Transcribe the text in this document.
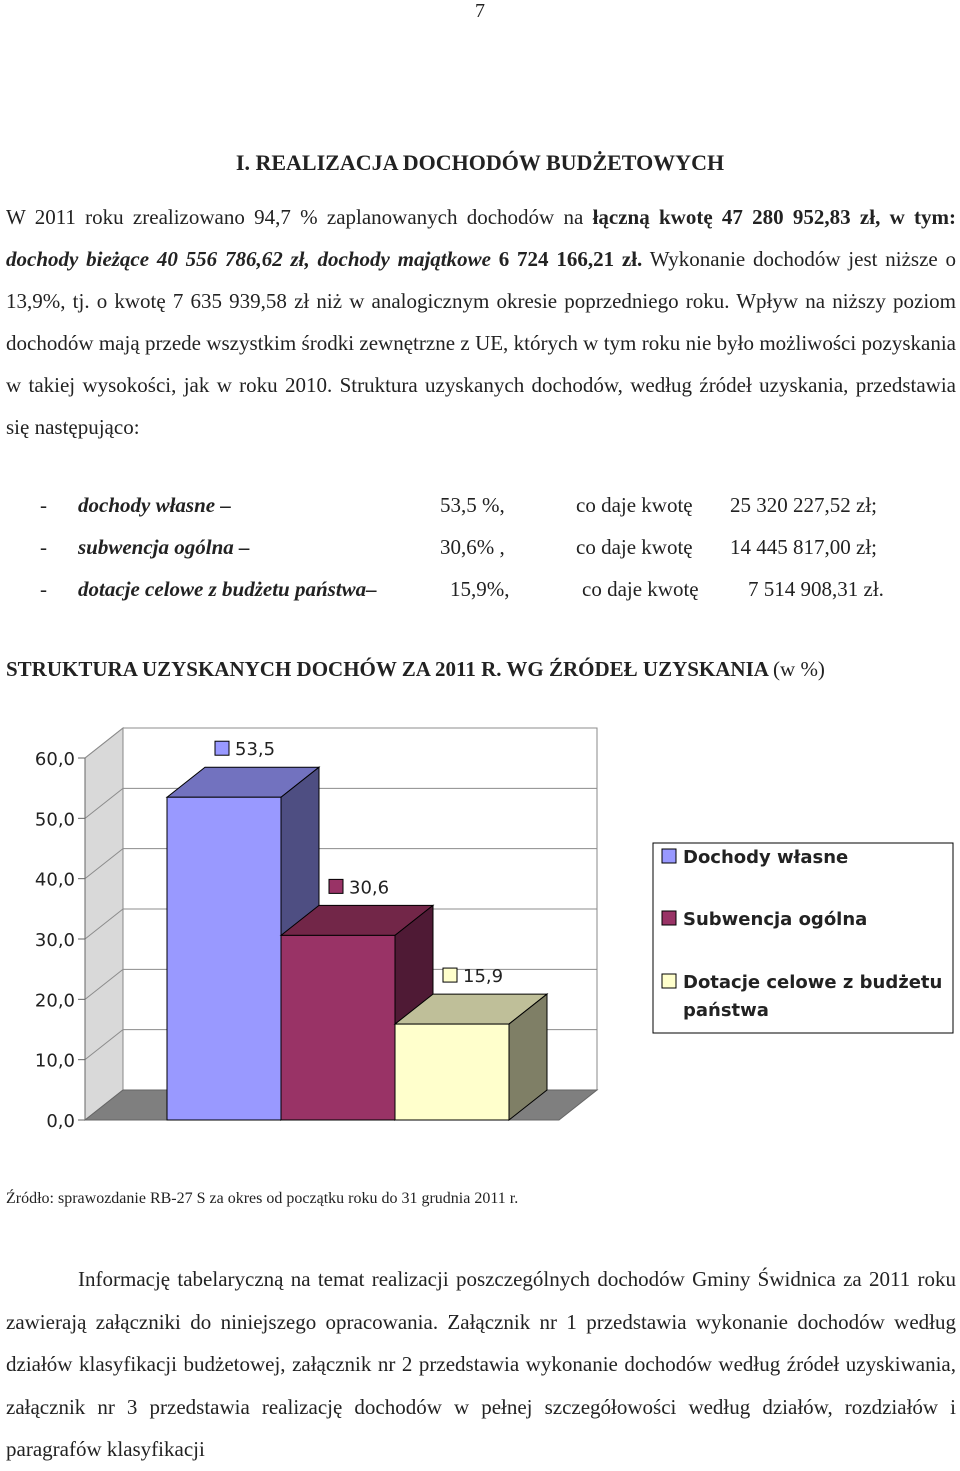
7
I. REALIZACJA DOCHODÓW BUDŻETOWYCH
W 2011 roku zrealizowano 94,7 % zaplanowanych dochodów na łączną kwotę 47 280 952,83 zł, w tym: dochody bieżące 40 556 786,62 zł, dochody majątkowe 6 724 166,21 zł. Wykonanie dochodów jest niższe o 13,9%, tj. o kwotę 7 635 939,58 zł niż w analogicznym okresie poprzedniego roku. Wpływ na niższy poziom dochodów mają przede wszystkim środki zewnętrzne z UE, których w tym roku nie było możliwości pozyskania w takiej wysokości, jak w roku 2010. Struktura uzyskanych dochodów, według źródeł uzyskania, przedstawia się następująco:
- dochody własne –	53,5 %,	co daje kwotę 25 320 227,52 zł;
- subwencja ogólna –	30,6% ,	co daje kwotę 14 445 817,00 zł;
- dotacje celowe z budżetu państwa–	15,9%,	co daje kwotę 7 514 908,31 zł.
STRUKTURA UZYSKANYCH DOCHÓW ZA 2011 R. WG ŹRÓDEŁ UZYSKANIA (w %)
0,0
10,0
20,0
30,0
40,0
50,0
60,0	53,5
30,6
15,9
Dochody własne
Subwencja ogólna
Dotacje celowe z budżetu
państwa
Źródło: sprawozdanie RB-27 S za okres od początku roku do 31 grudnia 2011 r.
Informację tabelaryczną na temat realizacji poszczególnych dochodów Gminy Świdnica za 2011 roku zawierają załączniki do niniejszego opracowania. Załącznik nr 1 przedstawia wykonanie dochodów według działów klasyfikacji budżetowej, załącznik nr 2 przedstawia wykonanie dochodów według źródeł uzyskiwania, załącznik nr 3 przedstawia realizację dochodów w pełnej szczegółowości według działów, rozdziałów i paragrafów klasyfikacji
